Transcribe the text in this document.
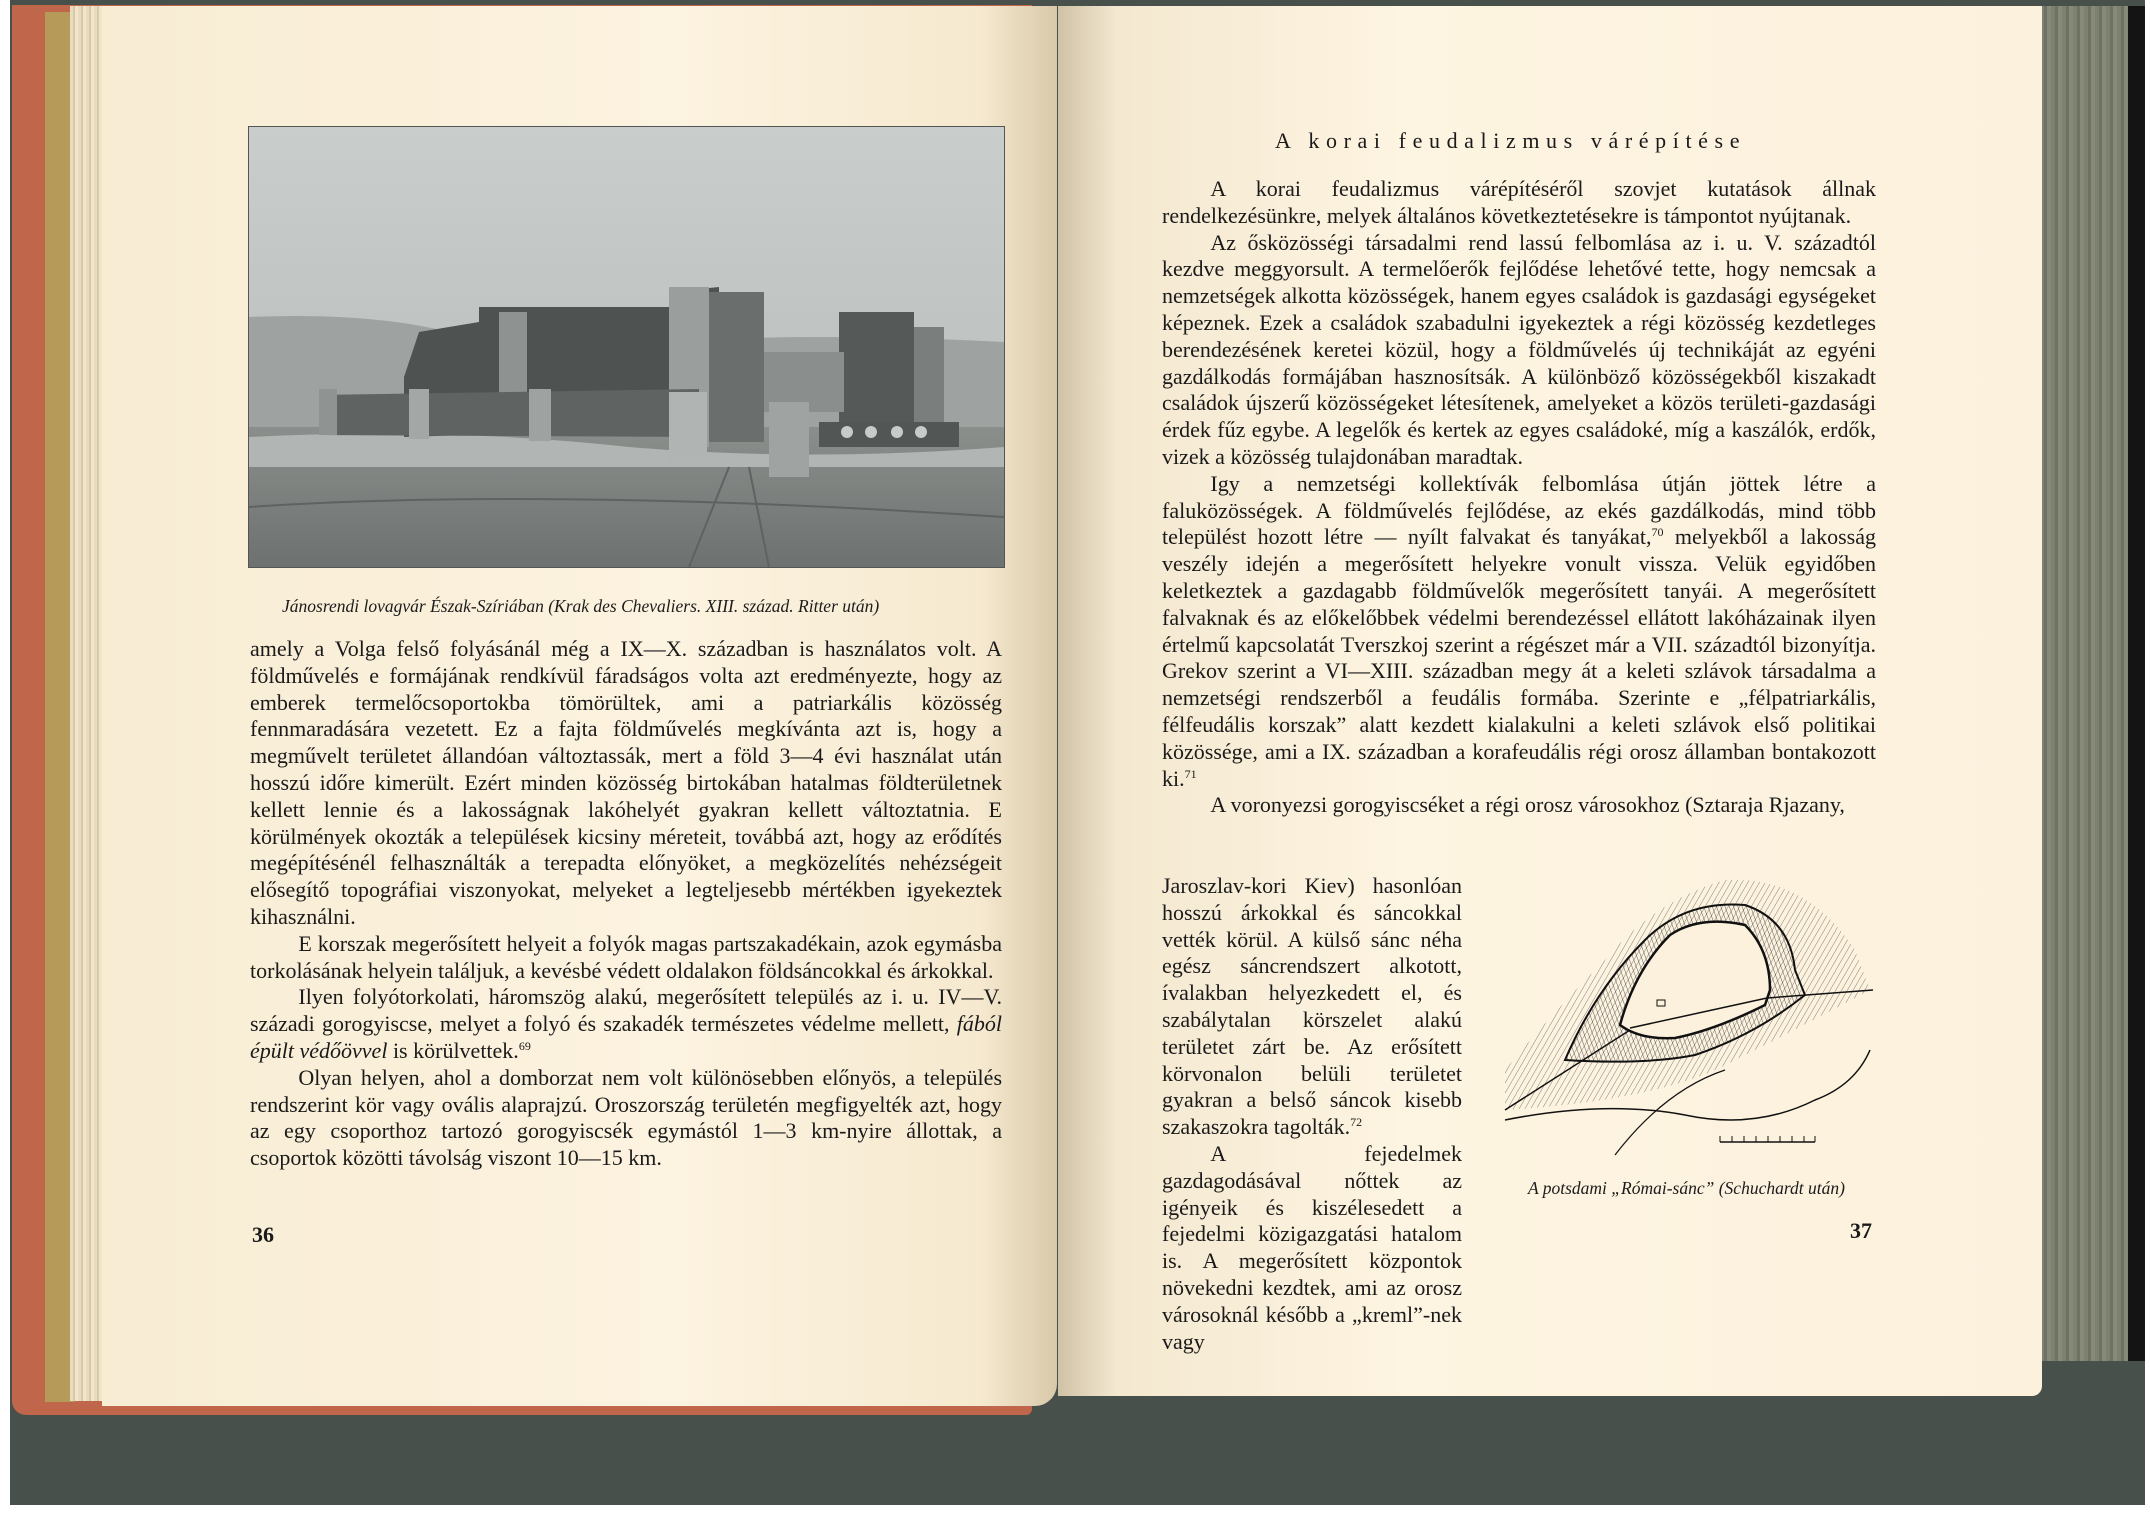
Jánosrendi lovagvár Észak-Szíriában (Krak des Chevaliers. XIII. század. Ritter után)

amely a Volga felső folyásánál még a IX—X. században is használatos volt. A földművelés e formájának rendkívül fáradságos volta azt eredményezte, hogy az emberek termelőcsoportokba tömörültek, ami a patriarkális közösség fennmaradására vezetett. Ez a fajta földművelés megkívánta azt is, hogy a megművelt területet állandóan változtassák, mert a föld 3—4 évi használat után hosszú időre kimerült. Ezért minden közösség birtokában hatalmas földterületnek kellett lennie és a lakosságnak lakóhelyét gyakran kellett változtatnia. E körülmények okozták a települések kicsiny méreteit, továbbá azt, hogy az erődítés megépítésénél felhasználták a terepadta előnyöket, a megközelítés nehézségeit elősegítő topográfiai viszonyokat, melyeket a legteljesebb mértékben igyekeztek kihasználni.

E korszak megerősített helyeit a folyók magas partszakadékain, azok egymásba torkolásának helyein találjuk, a kevésbé védett oldalakon földsáncokkal és árkokkal.

Ilyen folyótorkolati, háromszög alakú, megerősített település az i. u. IV—V. századi gorogyiscse, melyet a folyó és szakadék természetes védelme mellett, fából épült védőövvel is körülvettek.$^{69}$

Olyan helyen, ahol a domborzat nem volt különösebben előnyös, a település rendszerint kör vagy ovális alaprajzú. Oroszország területén megfigyelték azt, hogy az egy csoporthoz tartozó gorogyiscsék egymástól 1—3 km-nyire állottak, a csoportok közötti távolság viszont 10—15 km.

36
A korai feudalizmus várépítése

A korai feudalizmus várépítéséről szovjet kutatások állnak rendelkezésünkre, melyek általános következtetésekre is támpontot nyújtanak.

Az ősközösségi társadalmi rend lassú felbomlása az i. u. V. századtól kezdve meggyorsult. A termelőerők fejlődése lehetővé tette, hogy nemcsak a nemzetségek alkotta közösségek, hanem egyes családok is gazdasági egységeket képeznek. Ezek a családok szabadulni igyekeztek a régi közösség kezdetleges berendezésének keretei közül, hogy a földművelés új technikáját az egyéni gazdálkodás formájában hasznosítsák. A különböző közösségekből kiszakadt családok újszerű közösségeket létesítenek, amelyeket a közös területi-gazdasági érdek fűz egybe. A legelők és kertek az egyes családoké, míg a kaszálók, erdők, vizek a közösség tulajdonában maradtak.

Igy a nemzetségi kollektívák felbomlása útján jöttek létre a faluközösségek. A földművelés fejlődése, az ekés gazdálkodás, mind több települést hozott létre — nyílt falvakat és tanyákat,$^{70}$ melyekből a lakosság veszély idején a megerősített helyekre vonult vissza. Velük egyidőben keletkeztek a gazdagabb földművelők megerősített tanyái. A megerősített falvaknak és az előkelőbbek védelmi berendezéssel ellátott lakóházainak ilyen értelmű kapcsolatát Tverszkoj szerint a régészet már a VII. századtól bizonyítja. Grekov szerint a VI—XIII. században megy át a keleti szlávok társadalma a nemzetségi rendszerből a feudális formába. Szerinte e „félpatriarkális, félfeudális korszak” alatt kezdett kialakulni a keleti szlávok első politikai közössége, ami a IX. században a korafeudális régi orosz államban bontakozott ki.$^{71}$

A voronyezsi gorogyiscséket a régi orosz városokhoz (Sztaraja Rjazany,

Jaroszlav-kori Kiev) hasonlóan hosszú árkokkal és sáncokkal vették körül. A külső sánc néha egész sáncrendszert alkotott, ívalakban helyezkedett el, és szabálytalan körszelet alakú területet zárt be. Az erősített körvonalon belüli területet gyakran a belső sáncok kisebb szakaszokra tagolták.$^{72}$

A fejedelmek gazdagodásával nőttek az igényeik és kiszélesedett a fejedelmi közigazgatási hatalom is. A megerősített központok növekedni kezdtek, ami az orosz városoknál később a „kreml”-nek vagy

A potsdami „Római-sánc” (Schuchardt után)
37
